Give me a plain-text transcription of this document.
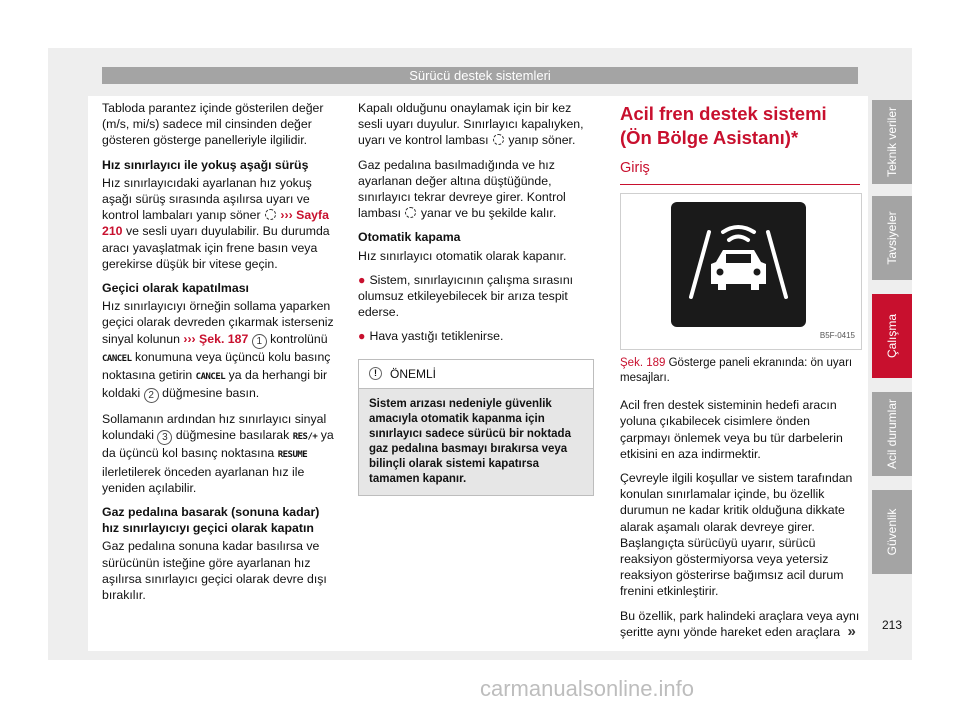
Sürücü destek sistemleri

Tabloda parantez içinde gösterilen değer (m/s, mi/s) sadece mil cinsinden değer gösteren gösterge panelleriyle ilgilidir.

Hız sınırlayıcı ile yokuş aşağı sürüş

Hız sınırlayıcıdaki ayarlanan hız yokuş aşağı sürüş sırasında aşılırsa uyarı ve kontrol lambaları yanıp söner ››› Sayfa 210 ve sesli uyarı duyulabilir. Bu durumda aracı yavaşlatmak için frene basın veya gerekirse düşük bir vitese geçin.

Geçici olarak kapatılması

Hız sınırlayıcıyı örneğin sollama yaparken geçici olarak devreden çıkarmak isterseniz sinyal kolunun ››› Şek. 187 1 kontrolünü CANCEL konumuna veya üçüncü kolu basınç noktasına getirin CANCEL ya da herhangi bir koldaki 2 düğmesine basın.

Sollamanın ardından hız sınırlayıcı sinyal kolundaki 3 düğmesine basılarak RES/+ ya da üçüncü kol basınç noktasına RESUME ilerletilerek önceden ayarlanan hız ile yeniden açılabilir.

Gaz pedalına basarak (sonuna kadar) hız sınırlayıcıyı geçici olarak kapatın

Gaz pedalına sonuna kadar basılırsa ve sürücünün isteğine göre ayarlanan hız aşılırsa sınırlayıcı geçici olarak devre dışı bırakılır.

Kapalı olduğunu onaylamak için bir kez sesli uyarı duyulur. Sınırlayıcı kapalıyken, uyarı ve kontrol lambası yanıp söner.

Gaz pedalına basılmadığında ve hız ayarlanan değer altına düştüğünde, sınırlayıcı tekrar devreye girer. Kontrol lambası yanar ve bu şekilde kalır.

Otomatik kapama

Hız sınırlayıcı otomatik olarak kapanır.

● Sistem, sınırlayıcının çalışma sırasını olumsuz etkileyebilecek bir arıza tespit ederse.

● Hava yastığı tetiklenirse.

!	ÖNEMLİ
Sistem arızası nedeniyle güvenlik amacıyla otomatik kapanma için sınırlayıcı sadece sürücü bir noktada gaz pedalına basmayı bırakırsa veya bilinçli olarak sistemi kapatırsa tamamen kapanır.
Acil fren destek sistemi (Ön Bölge Asistanı)*
Giriş
B5F-0415

Şek. 189 Gösterge paneli ekranında: ön uyarı mesajları.

Acil fren destek sisteminin hedefi aracın yoluna çıkabilecek cisimlere önden çarpmayı önlemek veya bu tür darbelerin etkisini en aza indirmektir.

Çevreyle ilgili koşullar ve sistem tarafından konulan sınırlamalar içinde, bu özellik durumun ne kadar kritik olduğuna dikkate alarak aşamalı olarak devreye girer. Başlangıçta sürücüyü uyarır, sürücü reaksiyon göstermiyorsa veya yetersiz reaksiyon gösterirse bağımsız acil durum frenini etkinleştirir.

Bu özellik, park halindeki araçlara veya aynı şeritte aynı yönde hareket eden araçlara »

Teknik veriler
Tavsiyeler
Çalışma
Acil durumlar
Güvenlik
213
carmanualsonline.info
